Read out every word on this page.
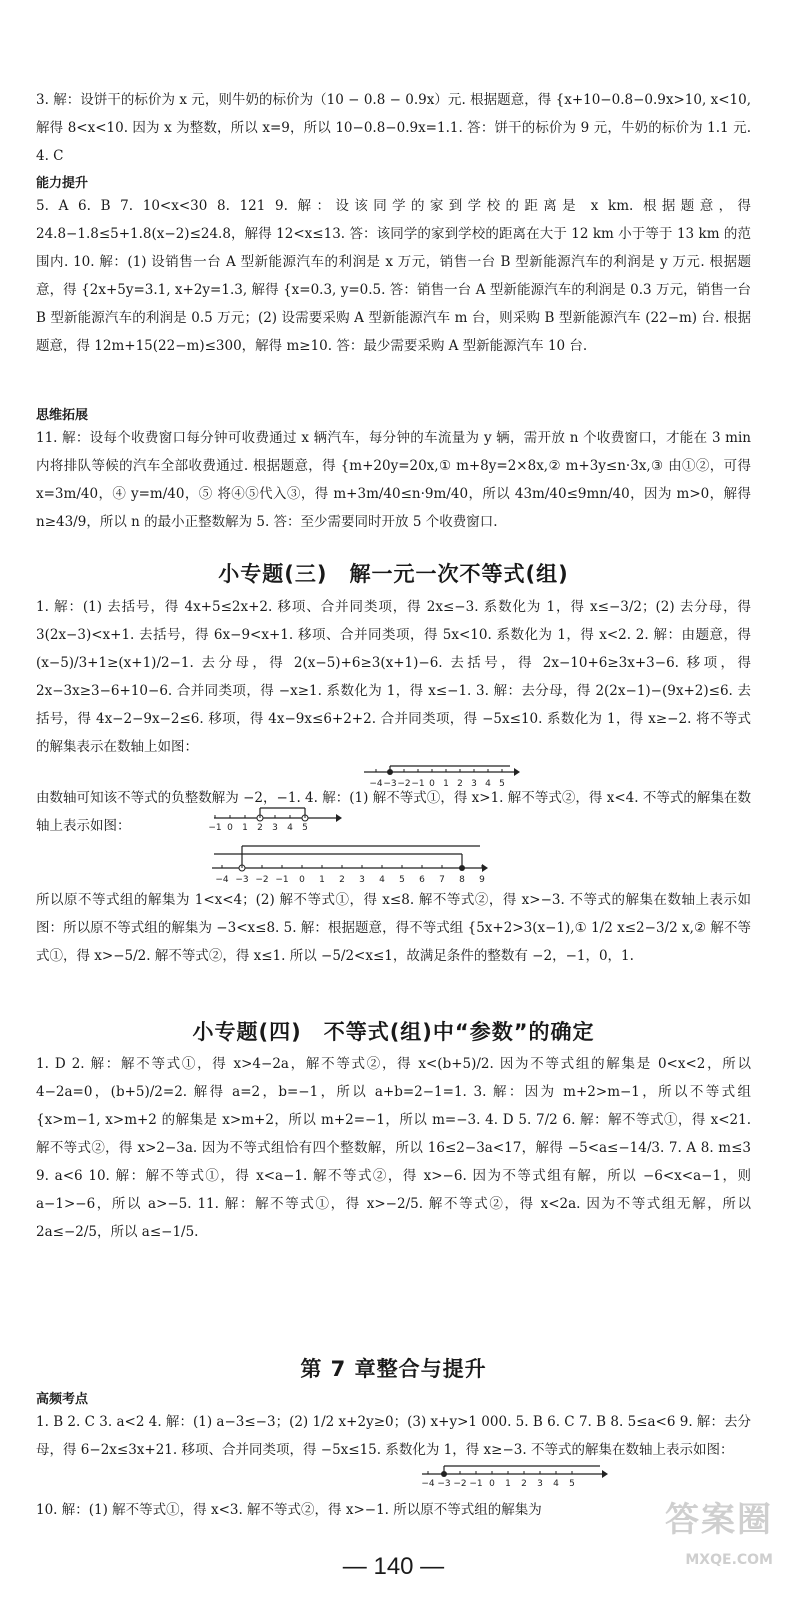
3. 解：设饼干的标价为 x 元，则牛奶的标价为（10 − 0.8 − 0.9x）元. 根据题意，得 {x+10−0.8−0.9x>10, x<10, 解得 8<x<10. 因为 x 为整数，所以 x=9，所以 10−0.8−0.9x=1.1. 答：饼干的标价为 9 元，牛奶的标价为 1.1 元. 4. C

能力提升

5. A 6. B 7. 10<x<30 8. 121 9. 解：设该同学的家到学校的距离是 x km. 根据题意，得 24.8−1.8≤5+1.8(x−2)≤24.8，解得 12<x≤13. 答：该同学的家到学校的距离在大于 12 km 小于等于 13 km 的范围内. 10. 解：(1) 设销售一台 A 型新能源汽车的利润是 x 万元，销售一台 B 型新能源汽车的利润是 y 万元. 根据题意，得 {2x+5y=3.1, x+2y=1.3, 解得 {x=0.3, y=0.5. 答：销售一台 A 型新能源汽车的利润是 0.3 万元，销售一台 B 型新能源汽车的利润是 0.5 万元；(2) 设需要采购 A 型新能源汽车 m 台，则采购 B 型新能源汽车 (22−m) 台. 根据题意，得 12m+15(22−m)≤300，解得 m≥10. 答：最少需要采购 A 型新能源汽车 10 台.

思维拓展

11. 解：设每个收费窗口每分钟可收费通过 x 辆汽车，每分钟的车流量为 y 辆，需开放 n 个收费窗口，才能在 3 min 内将排队等候的汽车全部收费通过. 根据题意，得 {m+20y=20x,① m+8y=2×8x,② m+3y≤n·3x,③ 由①②，可得 x=3m/40，④ y=m/40，⑤ 将④⑤代入③，得 m+3m/40≤n·9m/40，所以 43m/40≤9mn/40，因为 m>0，解得 n≥43/9，所以 n 的最小正整数解为 5. 答：至少需要同时开放 5 个收费窗口.

小专题(三)　解一元一次不等式(组)

1. 解：(1) 去括号，得 4x+5≤2x+2. 移项、合并同类项，得 2x≤−3. 系数化为 1，得 x≤−3/2；(2) 去分母，得 3(2x−3)<x+1. 去括号，得 6x−9<x+1. 移项、合并同类项，得 5x<10. 系数化为 1，得 x<2. 2. 解：由题意，得 (x−5)/3+1≥(x+1)/2−1. 去分母，得 2(x−5)+6≥3(x+1)−6. 去括号，得 2x−10+6≥3x+3−6. 移项，得 2x−3x≥3−6+10−6. 合并同类项，得 −x≥1. 系数化为 1，得 x≤−1. 3. 解：去分母，得 2(2x−1)−(9x+2)≤6. 去括号，得 4x−2−9x−2≤6. 移项，得 4x−9x≤6+2+2. 合并同类项，得 −5x≤10. 系数化为 1，得 x≥−2. 将不等式的解集表示在数轴上如图：

−4 −3 −2 −1 0 1 2 3 4 5

由数轴可知该不等式的负整数解为 −2，−1. 4. 解：(1) 解不等式①，得 x>1. 解不等式②，得 x<4. 不等式的解集在数轴上表示如图：	−1 0 1 2 3 4 5
−4 −3 −2 −1 0 1 2 3 4 5 6 7 8 9

所以原不等式组的解集为 1<x<4；(2) 解不等式①，得 x≤8. 解不等式②，得 x>−3. 不等式的解集在数轴上表示如图：所以原不等式组的解集为 −3<x≤8. 5. 解：根据题意，得不等式组 {5x+2>3(x−1),① 1/2 x≤2−3/2 x,② 解不等式①，得 x>−5/2. 解不等式②，得 x≤1. 所以 −5/2<x≤1，故满足条件的整数有 −2，−1，0，1.

小专题(四)　不等式(组)中“参数”的确定

1. D 2. 解：解不等式①，得 x>4−2a，解不等式②，得 x<(b+5)/2. 因为不等式组的解集是 0<x<2，所以 4−2a=0，(b+5)/2=2. 解得 a=2，b=−1，所以 a+b=2−1=1. 3. 解：因为 m+2>m−1，所以不等式组 {x>m−1, x>m+2 的解集是 x>m+2，所以 m+2=−1，所以 m=−3. 4. D 5. 7/2 6. 解：解不等式①，得 x<21. 解不等式②，得 x>2−3a. 因为不等式组恰有四个整数解，所以 16≤2−3a<17，解得 −5<a≤−14/3. 7. A 8. m≤3 9. a<6 10. 解：解不等式①，得 x<a−1. 解不等式②，得 x>−6. 因为不等式组有解，所以 −6<x<a−1，则 a−1>−6，所以 a>−5. 11. 解：解不等式①，得 x>−2/5. 解不等式②，得 x<2a. 因为不等式组无解，所以 2a≤−2/5，所以 a≤−1/5.

第 7 章整合与提升
高频考点

1. B 2. C 3. a<2 4. 解：(1) a−3≤−3；(2) 1/2 x+2y≥0；(3) x+y>1 000. 5. B 6. C 7. B 8. 5≤a<6 9. 解：去分母，得 6−2x≤3x+21. 移项、合并同类项，得 −5x≤15. 系数化为 1，得 x≥−3. 不等式的解集在数轴上表示如图：

−4 −3 −2 −1 0 1 2 3 4 5

10. 解：(1) 解不等式①，得 x<3. 解不等式②，得 x>−1. 所以原不等式组的解集为

— 140 —
答案圈
MXQE.COM
